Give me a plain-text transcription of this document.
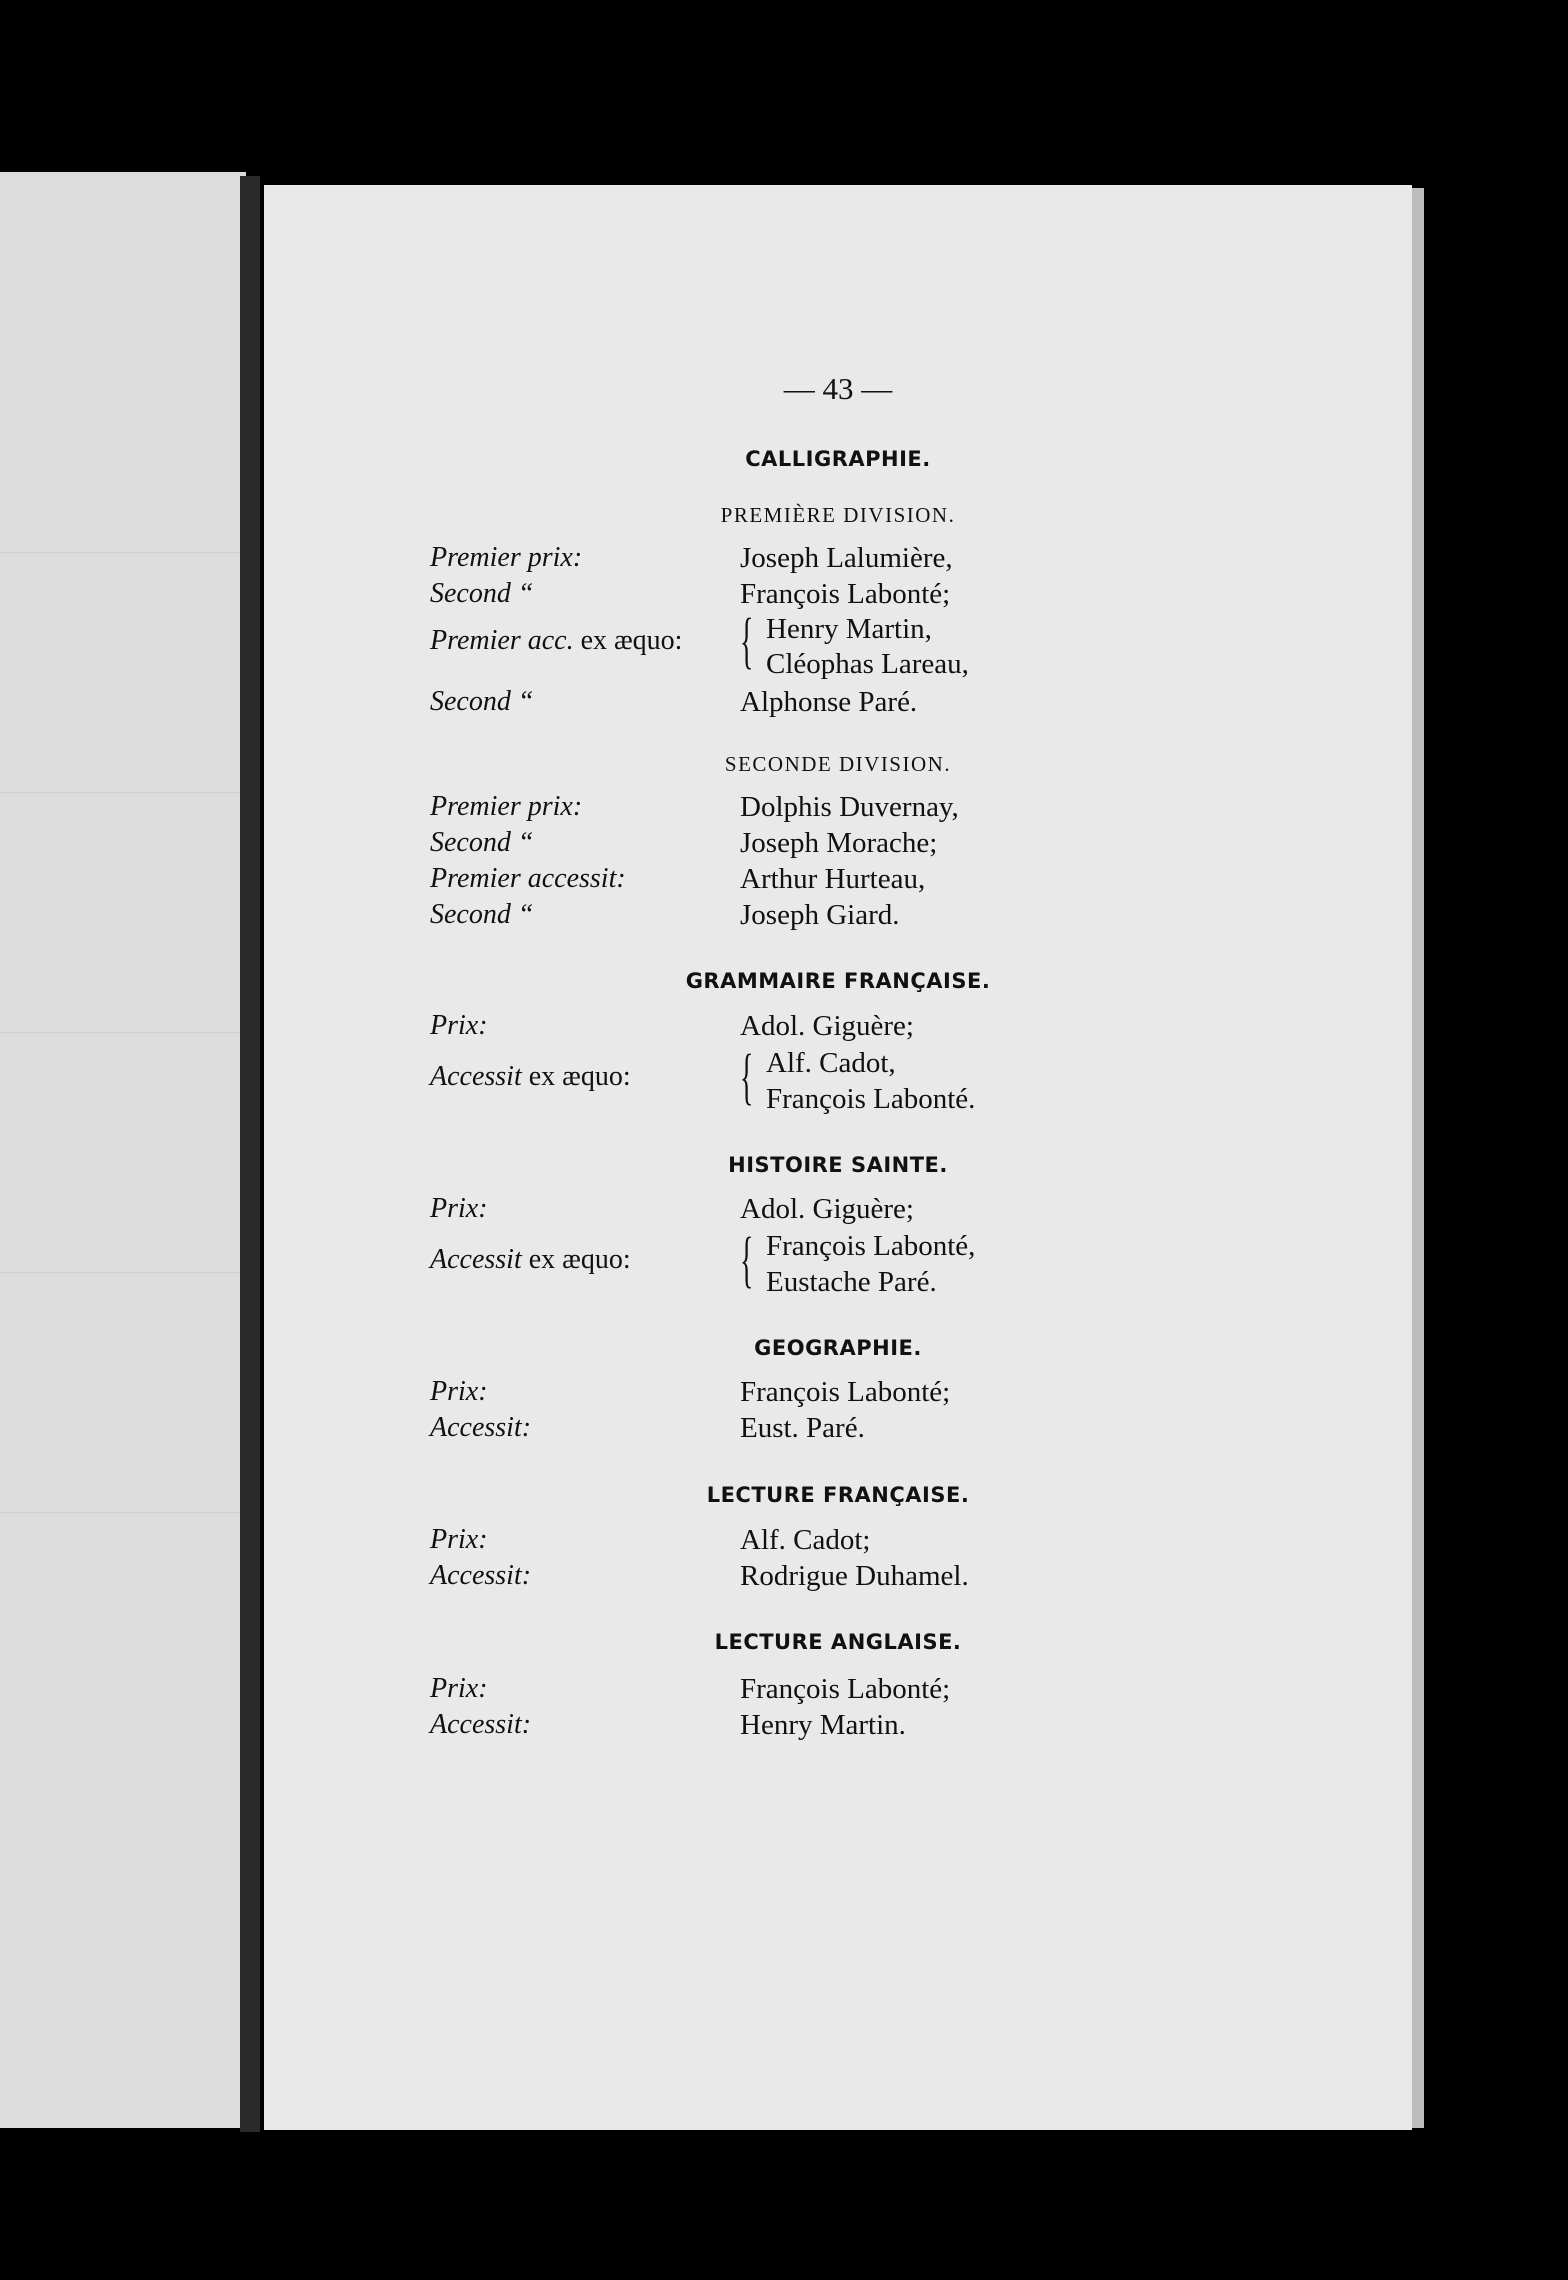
— 43 —
CALLIGRAPHIE.
PREMIÈRE DIVISION.
Premier prix:	Joseph Lalumière,
Second “	François Labonté;
Premier acc. ex æquo: { Henry Martin,
Cléophas Lareau,
Second “	Alphonse Paré.
SECONDE DIVISION.
Premier prix:	Dolphis Duvernay,
Second “	Joseph Morache;
Premier accessit:	Arthur Hurteau,
Second “	Joseph Giard.
GRAMMAIRE FRANÇAISE.
Prix:	Adol. Giguère;
Accessit ex æquo: { Alf. Cadot,
François Labonté.
HISTOIRE SAINTE.
Prix:	Adol. Giguère;
Accessit ex æquo: { François Labonté,
Eustache Paré.
GEOGRAPHIE.
Prix:	François Labonté;
Accessit:	Eust. Paré.
LECTURE FRANÇAISE.
Prix:	Alf. Cadot;
Accessit:	Rodrigue Duhamel.
LECTURE ANGLAISE.
Prix:	François Labonté;
Accessit:	Henry Martin.
